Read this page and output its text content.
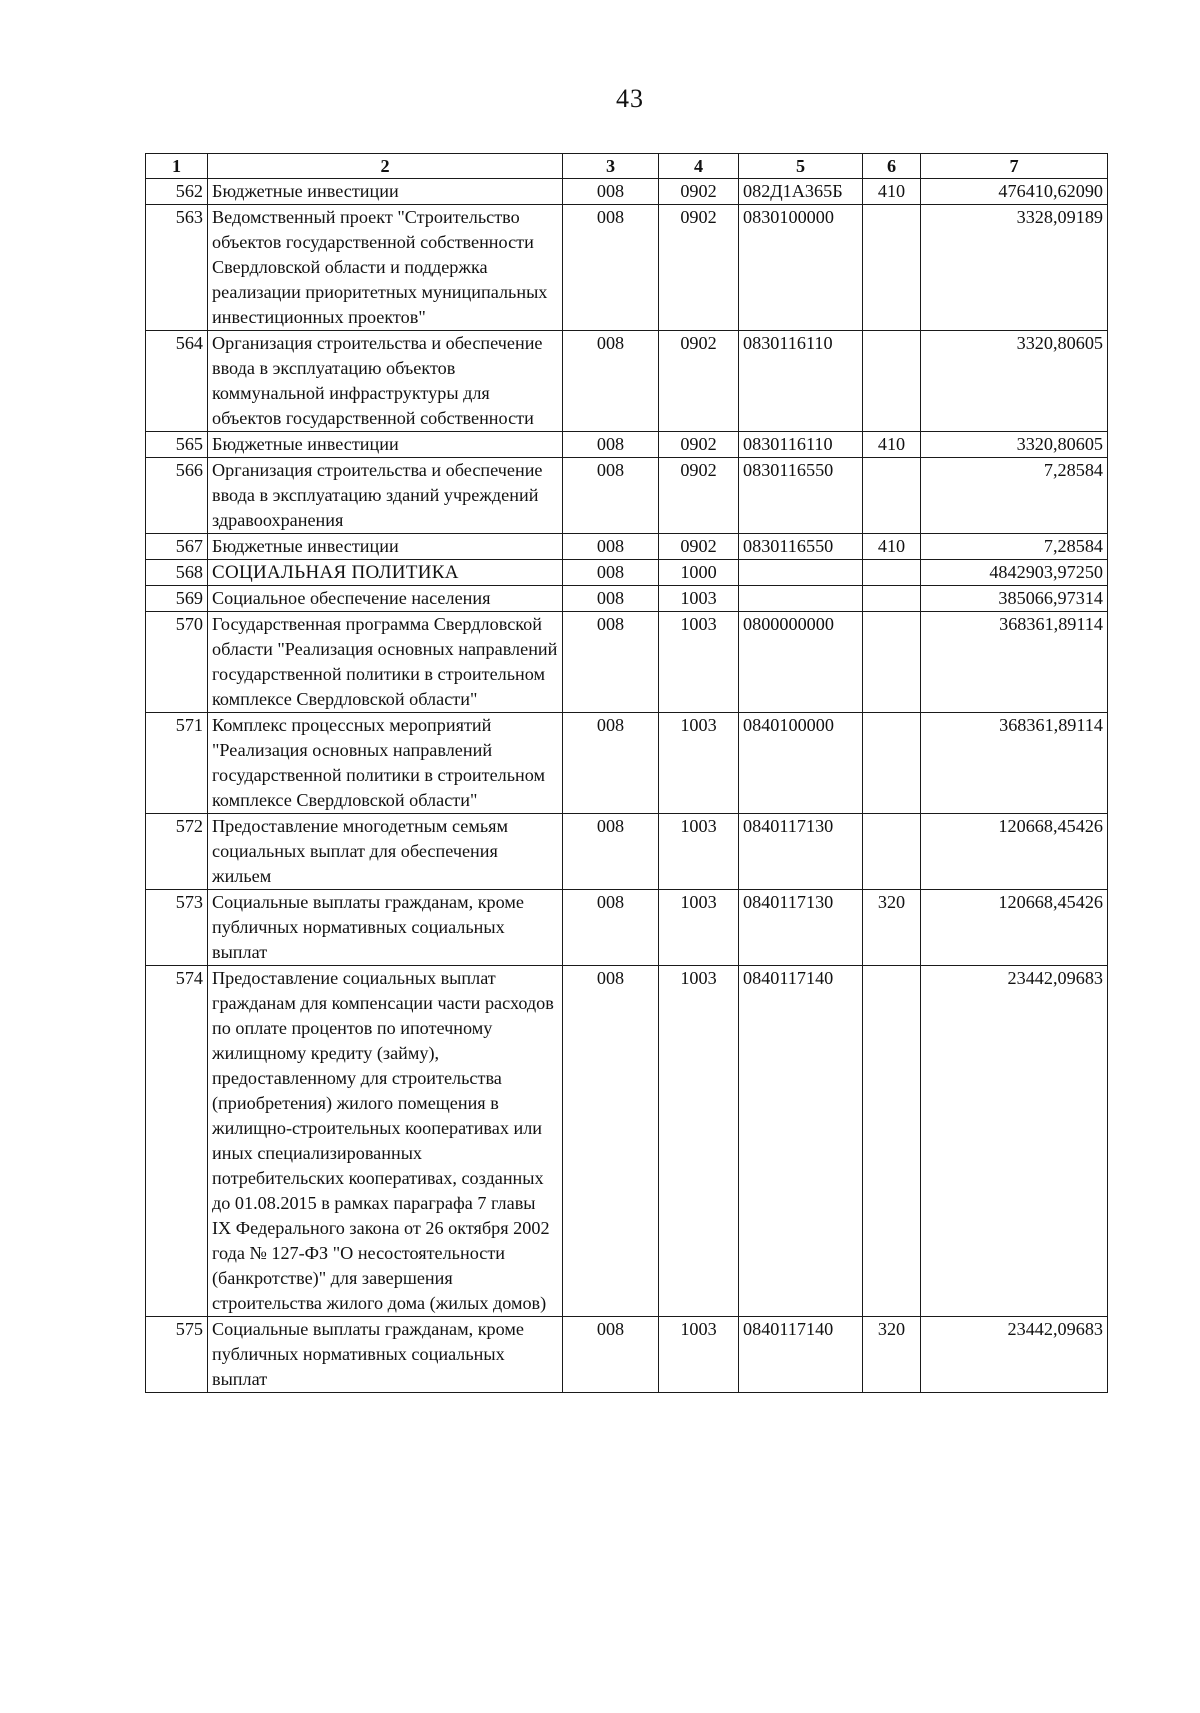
43
1	2	3	4	5	6	7
562	Бюджетные инвестиции	008	0902	082Д1А365Б	410	476410,62090
563	Ведомственный проект "Строительство объектов государственной собственности Свердловской области и поддержка реализации приоритетных муниципальных инвестиционных проектов"	008	0902	0830100000		3328,09189
564	Организация строительства и обеспечение ввода в эксплуатацию объектов коммунальной инфраструктуры для объектов государственной собственности	008	0902	0830116110		3320,80605
565	Бюджетные инвестиции	008	0902	0830116110	410	3320,80605
566	Организация строительства и обеспечение ввода в эксплуатацию зданий учреждений здравоохранения	008	0902	0830116550		7,28584
567	Бюджетные инвестиции	008	0902	0830116550	410	7,28584
568	СОЦИАЛЬНАЯ ПОЛИТИКА	008	1000			4842903,97250
569	Социальное обеспечение населения	008	1003			385066,97314
570	Государственная программа Свердловской области "Реализация основных направлений государственной политики в строительном комплексе Свердловской области"	008	1003	0800000000		368361,89114
571	Комплекс процессных мероприятий "Реализация основных направлений государственной политики в строительном комплексе Свердловской области"	008	1003	0840100000		368361,89114
572	Предоставление многодетным семьям социальных выплат для обеспечения жильем	008	1003	0840117130		120668,45426
573	Социальные выплаты гражданам, кроме публичных нормативных социальных выплат	008	1003	0840117130	320	120668,45426
574	Предоставление социальных выплат гражданам для компенсации части расходов по оплате процентов по ипотечному жилищному кредиту (займу), предоставленному для строительства (приобретения) жилого помещения в жилищно-строительных кооперативах или иных специализированных потребительских кооперативах, созданных до 01.08.2015 в рамках параграфа 7 главы IX Федерального закона от 26 октября 2002 года № 127-ФЗ "О несостоятельности (банкротстве)" для завершения строительства жилого дома (жилых домов)	008	1003	0840117140		23442,09683
575	Социальные выплаты гражданам, кроме публичных нормативных социальных выплат	008	1003	0840117140	320	23442,09683
